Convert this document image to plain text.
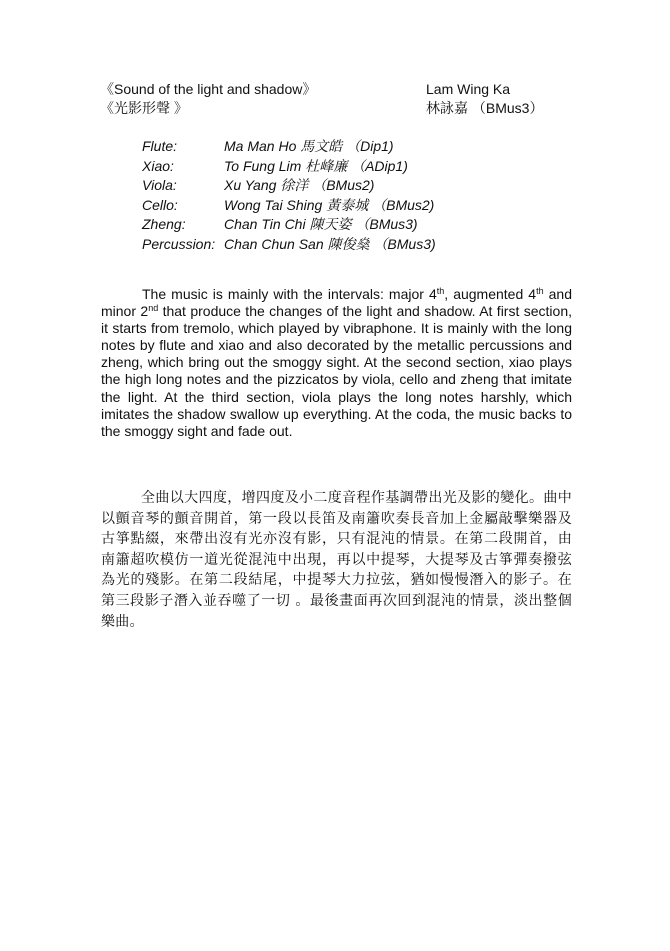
《Sound of the light and shadow》	Lam Wing Ka
《光影形聲 》	林詠嘉 （BMus3）
Flute:	Ma Man Ho 馬文皓 （Dip1)
Xiao:	To Fung Lim 杜峰廉 （ADip1)
Viola:	Xu Yang 徐洋 （BMus2)
Cello:	Wong Tai Shing 黃泰城 （BMus2)
Zheng:	Chan Tin Chi 陳天姿 （BMus3)
Percussion: Chan Chun San 陳俊燊 （BMus3)

The music is mainly with the intervals: major 4th, augmented 4th and minor 2nd that produce the changes of the light and shadow. At first section, it starts from tremolo, which played by vibraphone. It is mainly with the long notes by flute and xiao and also decorated by the metallic percussions and zheng, which bring out the smoggy sight. At the second section, xiao plays the high long notes and the pizzicatos by viola, cello and zheng that imitate the light. At the third section, viola plays the long notes harshly, which imitates the shadow swallow up everything. At the coda, the music backs to the smoggy sight and fade out.

全曲以大四度，增四度及小二度音程作基調帶出光及影的變化。曲中以顫音琴的顫音開首，第一段以長笛及南簫吹奏長音加上金屬敲擊樂器及古箏點綴，來帶出沒有光亦沒有影，只有混沌的情景。在第二段開首，由南簫超吹模仿一道光從混沌中出現，再以中提琴，大提琴及古箏彈奏撥弦為光的殘影。在第二段結尾，中提琴大力拉弦，猶如慢慢潛入的影子。在第三段影子潛入並吞噬了一切 。最後畫面再次回到混沌的情景，淡出整個樂曲。
